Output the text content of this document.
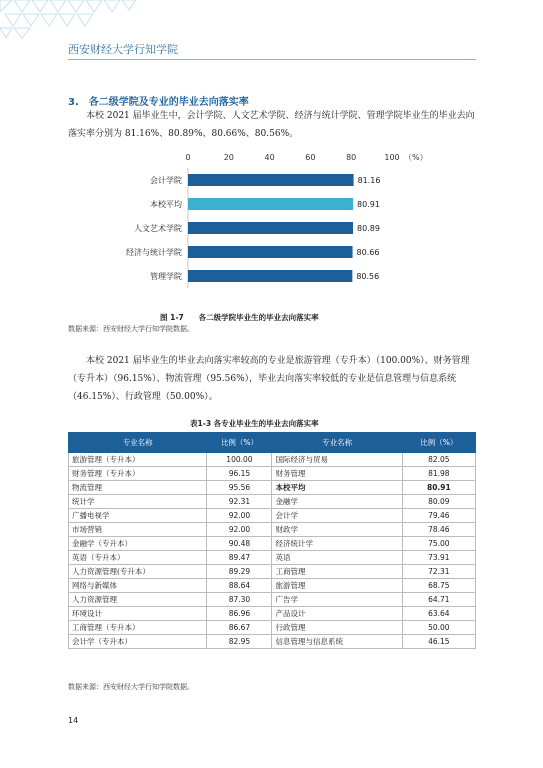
西安财经大学行知学院
3.　各二级学院及专业的毕业去向落实率
本校 2021 届毕业生中，会计学院、人文艺术学院、经济与统计学院、管理学院毕业生的毕业去向落实率分别为 81.16%、80.89%、80.66%、80.56%。
0	20	40	60	80	100 （%）
会计学院	81.16
本校平均	80.91
人文艺术学院	80.89
经济与统计学院	80.66
管理学院	80.56
图 1-7　　各二级学院毕业生的毕业去向落实率
数据来源：西安财经大学行知学院数据。
本校 2021 届毕业生的毕业去向落实率较高的专业是旅游管理（专升本）（100.00%）、财务管理（专升本）（96.15%）、物流管理（95.56%），毕业去向落实率较低的专业是信息管理与信息系统（46.15%）、行政管理（50.00%）。
表1-3 各专业毕业生的毕业去向落实率
专业名称	比例（%）	专业名称	比例（%）
旅游管理（专升本）	100.00	国际经济与贸易	82.05
财务管理（专升本）	96.15	财务管理	81.98
物流管理	95.56	本校平均	80.91
统计学	92.31	金融学	80.09
广播电视学	92.00	会计学	79.46
市场营销	92.00	财政学	78.46
金融学（专升本）	90.48	经济统计学	75.00
英语（专升本）	89.47	英语	73.91
人力资源管理(专升本）	89.29	工商管理	72.31
网络与新媒体	88.64	旅游管理	68.75
人力资源管理	87.30	广告学	64.71
环境设计	86.96	产品设计	63.64
工商管理（专升本）	86.67	行政管理	50.00
会计学（专升本）	82.95	信息管理与信息系统	46.15
数据来源：西安财经大学行知学院数据。
14
